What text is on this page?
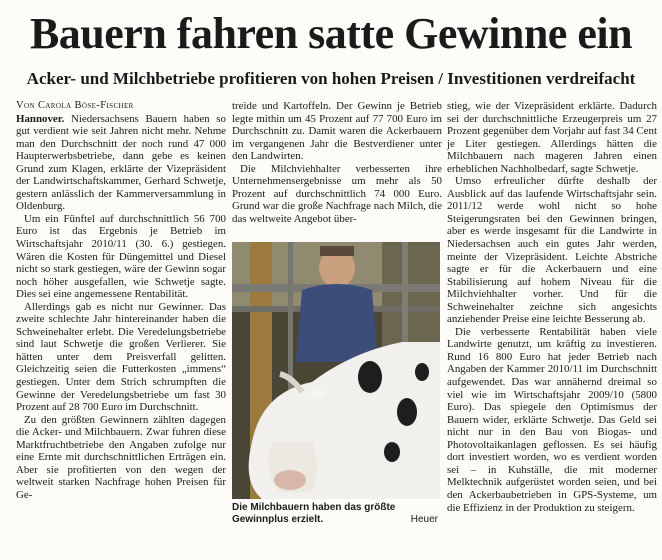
Bauern fahren satte Gewinne ein
Acker- und Milchbetriebe profitieren von hohen Preisen / Investitionen verdreifacht

Von Carola Böse-Fischer

Hannover. Niedersachsens Bauern haben so gut verdient wie seit Jahren nicht mehr. Nehme man den Durchschnitt der noch rund 47 000 Haupterwerbsbetriebe, dann gebe es keinen Grund zum Klagen, erklärte der Vizepräsident der Landwirtschaftskammer, Gerhard Schwetje, gestern anlässlich der Kammerversammlung in Oldenburg.

Um ein Fünftel auf durchschnittlich 56 700 Euro ist das Ergebnis je Betrieb im Wirtschaftsjahr 2010/11 (30. 6.) gestiegen. Wären die Kosten für Düngemittel und Diesel nicht so stark gestiegen, wäre der Gewinn sogar noch höher ausgefallen, wie Schwetje sagte. Dies sei eine angemessene Rentabilität.

Allerdings gab es nicht nur Gewinner. Das zweite schlechte Jahr hintereinander haben die Schweinehalter erlebt. Die Veredelungsbetriebe sind laut Schwetje die großen Verlierer. Sie hätten unter dem Preisverfall gelitten. Gleichzeitig seien die Futterkosten „immens“ gestiegen. Unter dem Strich schrumpften die Gewinne der Veredelungsbetriebe um fast 30 Prozent auf 28 700 Euro im Durchschnitt.

Zu den größten Gewinnern zählten dagegen die Acker- und Milchbauern. Zwar fuhren diese Marktfruchtbetriebe den Angaben zufolge nur eine Ernte mit durchschnittlichen Erträgen ein. Aber sie profitierten von den wegen der weltweit starken Nachfrage hohen Preisen für Ge-

treide und Kartoffeln. Der Gewinn je Betrieb legte mithin um 45 Prozent auf 77 700 Euro im Durchschnitt zu. Damit waren die Ackerbauern im vergangenen Jahr die Bestverdiener unter den Landwirten.

Die Milchviehhalter verbesserten ihre Unternehmensergebnisse um mehr als 50 Prozent auf durchschnittlich 74 000 Euro. Grund war die große Nachfrage nach Milch, die das weltweite Angebot über-

stieg, wie der Vizepräsident erklärte. Dadurch sei der durchschnittliche Erzeugerpreis um 27 Prozent gegenüber dem Vorjahr auf fast 34 Cent je Liter gestiegen. Allerdings hätten die Milchbauern nach mageren Jahren einen erheblichen Nachholbedarf, sagte Schwetje.

Umso erfreulicher dürfte deshalb der Ausblick auf das laufende Wirtschaftsjahr sein. 2011/12 werde wohl nicht so hohe Steigerungsraten bei den Gewinnen bringen, aber es werde insgesamt für die Landwirte in Niedersachsen auch ein gutes Jahr werden, meinte der Vizepräsident. Leichte Abstriche sagte er für die Ackerbauern und eine Stabilisierung auf hohem Niveau für die Milchviehhalter vorher. Und für die Schweinehalter zeichne sich angesichts anziehender Preise eine leichte Besserung ab.

Die verbesserte Rentabilität haben viele Landwirte genutzt, um kräftig zu investieren. Rund 16 800 Euro hat jeder Betrieb nach Angaben der Kammer 2010/11 im Durchschnitt aufgewendet. Das war annähernd dreimal so viel wie im Wirtschaftsjahr 2009/10 (5800 Euro). Das spiegele den Optimismus der Bauern wider, erklärte Schwetje. Das Geld sei nicht nur in den Bau von Biogas- und Photovoltaikanlagen geflossen. Es sei häufig dort investiert worden, wo es verdient worden sei – in Kuhställe, die mit moderner Melktechnik aufgerüstet worden seien, und bei den Ackerbaubetrieben in GPS-Systeme, um die Effizienz in der Produktion zu steigern.

Die Milchbauern haben das größte Gewinnplus erzielt.	Heuer
